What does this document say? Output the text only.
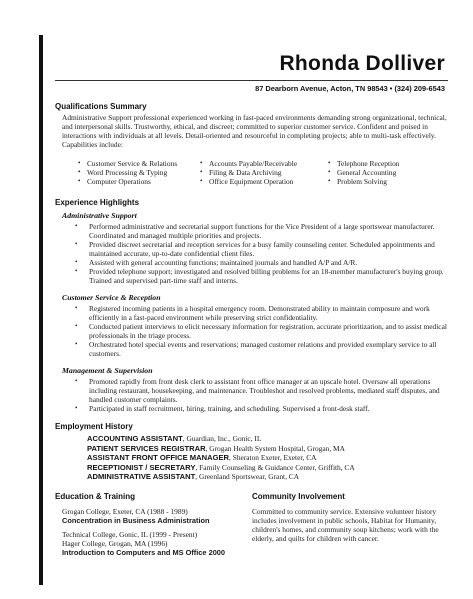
Rhonda Dolliver
87 Dearborn Avenue, Acton, TN 98543 • (324) 209-6543
Qualifications Summary
Administrative Support professional experienced working in fast-paced environments demanding strong organizational, technical, and interpersonal skills. Trustworthy, ethical, and discreet; committed to superior customer service. Confident and poised in interactions with individuals at all levels. Detail-oriented and resourceful in completing projects; able to multi-task effectively. Capabilities include:
• Customer Service & Relations	• Accounts Payable/Receivable	• Telephone Reception
• Word Processing & Typing	• Filing & Data Archiving	• General Accounting
• Computer Operations	• Office Equipment Operation	• Problem Solving
Experience Highlights
Administrative Support
•	Performed administrative and secretarial support functions for the Vice President of a large sportswear manufacturer. Coordinated and managed multiple priorities and projects.
•	Provided discreet secretarial and reception services for a busy family counseling center. Scheduled appointments and maintained accurate, up-to-date confidential client files.
•	Assisted with general accounting functions; maintained journals and handled A/P and A/R.
•	Provided telephone support; investigated and resolved billing problems for an 18-member manufacturer's buying group. Trained and supervised part-time staff and interns.
Customer Service & Reception
•	Registered incoming patients in a hospital emergency room. Demonstrated ability to maintain composure and work efficiently in a fast-paced environment while preserving strict confidentiality.
•	Conducted patient interviews to elicit necessary information for registration, accurate prioritization, and to assist medical professionals in the triage process.
•	Orchestrated hotel special events and reservations; managed customer relations and provided exemplary service to all customers.
Management & Supervision
•	Promoted rapidly from front desk clerk to assistant front office manager at an upscale hotel. Oversaw all operations including restaurant, housekeeping, and maintenance. Troubleshot and resolved problems, mediated staff disputes, and handled customer complaints.
•	Participated in staff recruitment, hiring, training, and scheduling. Supervised a front-desk staff.
Employment History
ACCOUNTING ASSISTANT, Guardian, Inc., Gonic, IL
PATIENT SERVICES REGISTRAR, Grogan Health System Hospital, Grogan, MA
ASSISTANT FRONT OFFICE MANAGER, Sheraton Exeter, Exeter, CA
RECEPTIONIST / SECRETARY, Family Counseling & Guidance Center, Griffith, CA
ADMINISTRATIVE ASSISTANT, Greenland Sportswear, Grant, CA
Education & Training
Grogan College, Exeter, CA (1988 - 1989)
Concentration in Business Administration
Technical College, Gonic, IL (1999 - Present)
Hager College, Grogan, MA (1996)
Introduction to Computers and MS Office 2000
Community Involvement
Committed to community service. Extensive volunteer history includes involvement in public schools, Habitat for Humanity, children's homes, and community soup kitchens; work with the elderly, and quilts for children with cancer.
